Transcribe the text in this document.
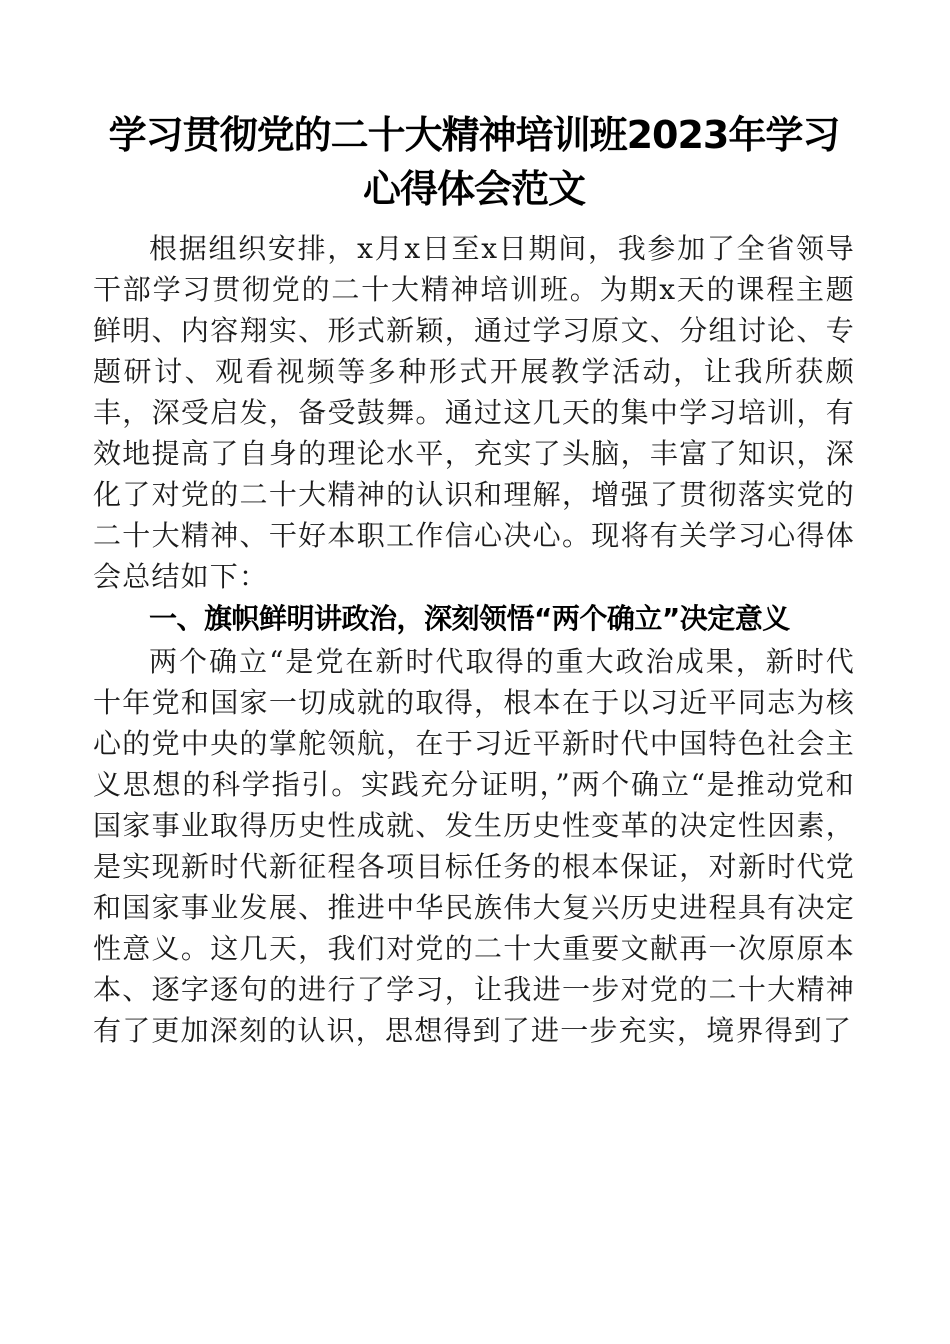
学习贯彻党的二十大精神培训班2023年学习心得体会范文

根据组织安排，x月x日至x日期间，我参加了全省领导干部学习贯彻党的二十大精神培训班。为期x天的课程主题鲜明、内容翔实、形式新颖，通过学习原文、分组讨论、专题研讨、观看视频等多种形式开展教学活动，让我所获颇丰，深受启发，备受鼓舞。通过这几天的集中学习培训，有效地提高了自身的理论水平，充实了头脑，丰富了知识，深化了对党的二十大精神的认识和理解，增强了贯彻落实党的二十大精神、干好本职工作信心决心。现将有关学习心得体会总结如下：

一、旗帜鲜明讲政治，深刻领悟“两个确立”决定意义

两个确立“是党在新时代取得的重大政治成果，新时代十年党和国家一切成就的取得，根本在于以习近平同志为核心的党中央的掌舵领航，在于习近平新时代中国特色社会主义思想的科学指引。实践充分证明，”两个确立“是推动党和国家事业取得历史性成就、发生历史性变革的决定性因素，是实现新时代新征程各项目标任务的根本保证，对新时代党和国家事业发展、推进中华民族伟大复兴历史进程具有决定性意义。这几天，我们对党的二十大重要文献再一次原原本本、逐字逐句的进行了学习，让我进一步对党的二十大精神有了更加深刻的认识，思想得到了进一步充实，境界得到了
